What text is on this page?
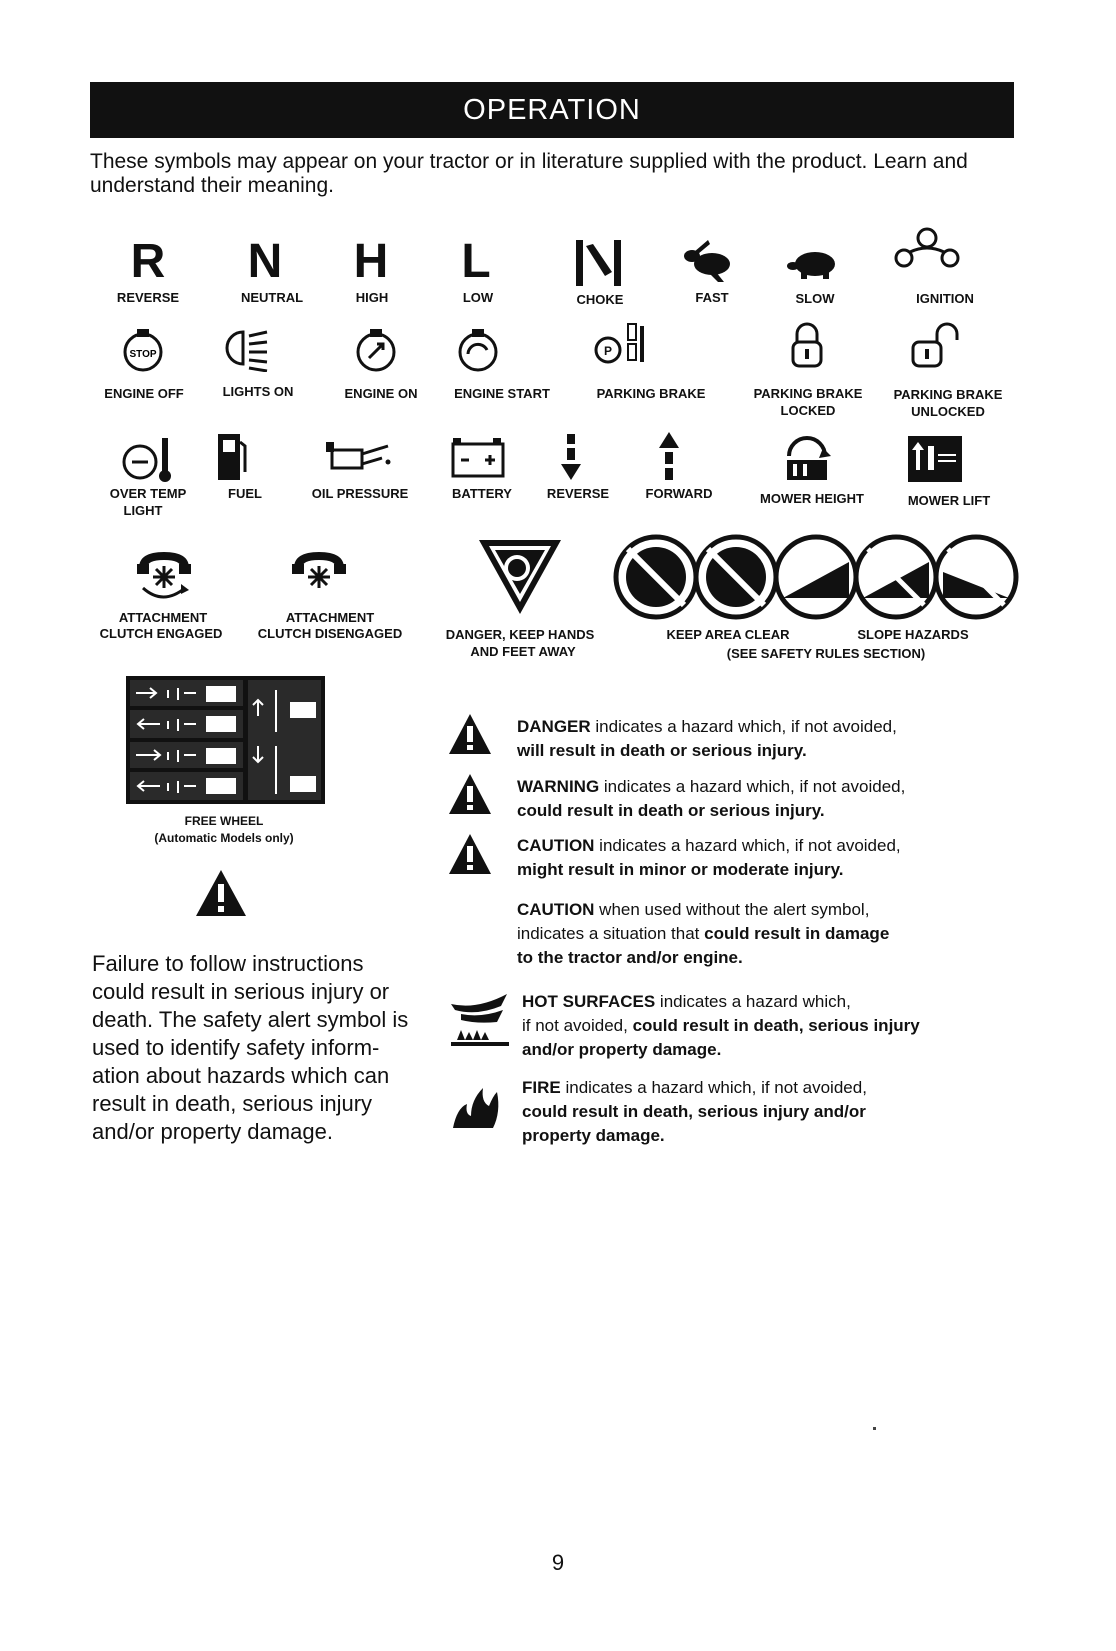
OPERATION
These symbols may appear on your tractor or in literature supplied with the product. Learn and understand their meaning.
R N H L
REVERSE	NEUTRAL	HIGH	LOW	CHOKE	FAST	SLOW	IGNITION
STOP	P
ENGINE OFF	LIGHTS ON	ENGINE ON	ENGINE START	PARKING BRAKE	PARKING BRAKE
LOCKED
PARKING BRAKE
UNLOCKED
OVER TEMP
LIGHT
FUEL	OIL PRESSURE	BATTERY	REVERSE	FORWARD	MOWER HEIGHT	MOWER LIFT
ATTACHMENT
CLUTCH ENGAGED
ATTACHMENT
CLUTCH DISENGAGED	DANGER, KEEP HANDS
AND FEET AWAY
KEEP AREA CLEAR	SLOPE HAZARDS
(SEE SAFETY RULES SECTION)
FREE WHEEL
(Automatic Models only)
Failure to follow instructions could result in serious injury or death. The safety alert symbol is used to identify safety inform-ation about hazards which can result in death, serious injury and/or property damage.
DANGER indicates a hazard which, if not avoided,
will result in death or serious injury.
WARNING indicates a hazard which, if not avoided,
could result in death or serious injury.
CAUTION indicates a hazard which, if not avoided,
might result in minor or moderate injury.
CAUTION when used without the alert symbol,
indicates a situation that could result in damage
to the tractor and/or engine.
HOT SURFACES indicates a hazard which,
if not avoided, could result in death, serious injury
and/or property damage.
FIRE indicates a hazard which, if not avoided,
could result in death, serious injury and/or
property damage.
9
